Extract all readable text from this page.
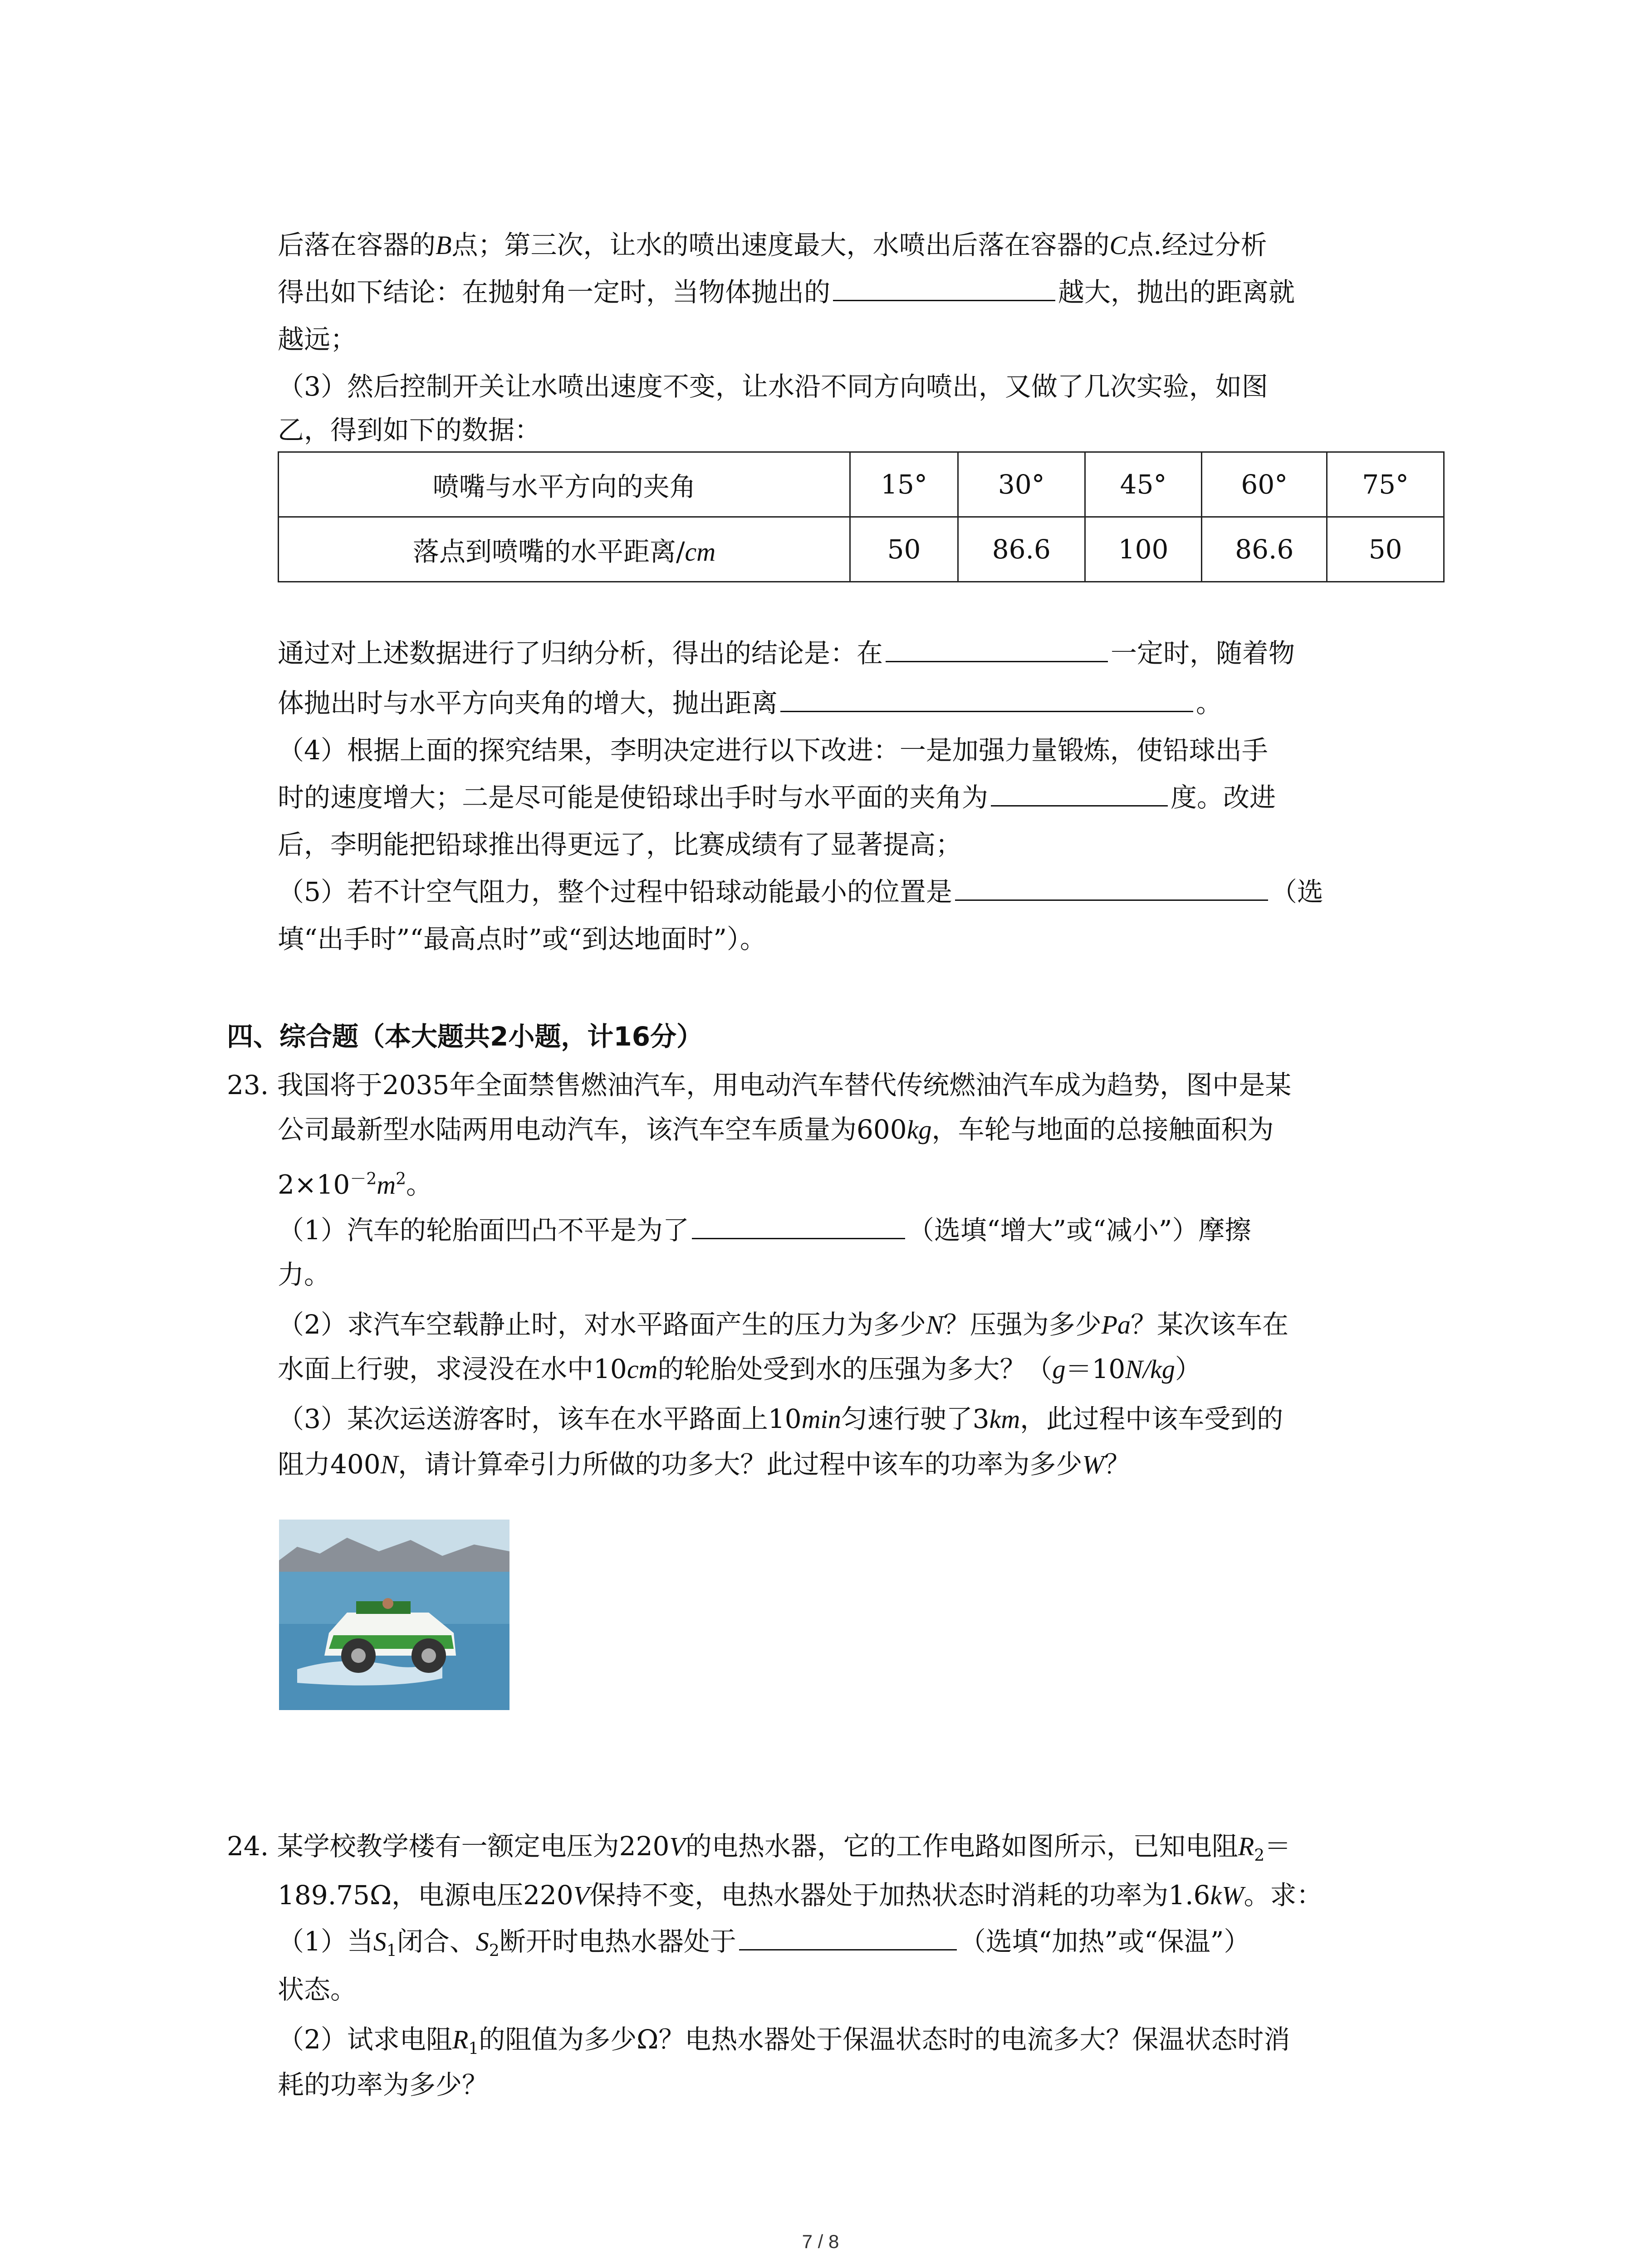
后落在容器的B点；第三次，让水的喷出速度最大，水喷出后落在容器的C点.经过分析
得出如下结论：在抛射角一定时，当物体抛出的	越大，抛出的距离就
越远；
（3）然后控制开关让水喷出速度不变，让水沿不同方向喷出，又做了几次实验，如图
乙，得到如下的数据：
喷嘴与水平方向的夹角	15°	30°	45°	60°	75°
落点到喷嘴的水平距离/cm	50	86.6	100	86.6	50
通过对上述数据进行了归纳分析，得出的结论是：在	一定时，随着物
体抛出时与水平方向夹角的增大，抛出距离	。
（4）根据上面的探究结果，李明决定进行以下改进：一是加强力量锻炼，使铅球出手
时的速度增大；二是尽可能是使铅球出手时与水平面的夹角为	度。改进
后，李明能把铅球推出得更远了，比赛成绩有了显著提高；
（5）若不计空气阻力，整个过程中铅球动能最小的位置是	（选
填“出手时”“最高点时”或“到达地面时”）。
四、综合题（本大题共2小题，计16分）
23. 我国将于2035年全面禁售燃油汽车，用电动汽车替代传统燃油汽车成为趋势，图中是某
公司最新型水陆两用电动汽车，该汽车空车质量为600kg，车轮与地面的总接触面积为
$2\times 10^{-2}m^2$。
（1）汽车的轮胎面凹凸不平是为了	（选填“增大”或“减小”）摩擦
力。
（2）求汽车空载静止时，对水平路面产生的压力为多少N？压强为多少Pa？某次该车在
水面上行驶，求浸没在水中10cm的轮胎处受到水的压强为多大？（g＝10N/kg）
（3）某次运送游客时，该车在水平路面上10min匀速行驶了3km，此过程中该车受到的
阻力400N，请计算牵引力所做的功多大？此过程中该车的功率为多少W？
24. 某学校教学楼有一额定电压为220V的电热水器，它的工作电路如图所示，已知电阻$R_2=$
189.75Ω，电源电压220V保持不变，电热水器处于加热状态时消耗的功率为1.6kW。求：
（1）当$S_1$闭合、$S_2$断开时电热水器处于	（选填“加热”或“保温”）
状态。
（2）试求电阻$R_1$的阻值为多少Ω？电热水器处于保温状态时的电流多大？保温状态时消
耗的功率为多少？
7 / 8
